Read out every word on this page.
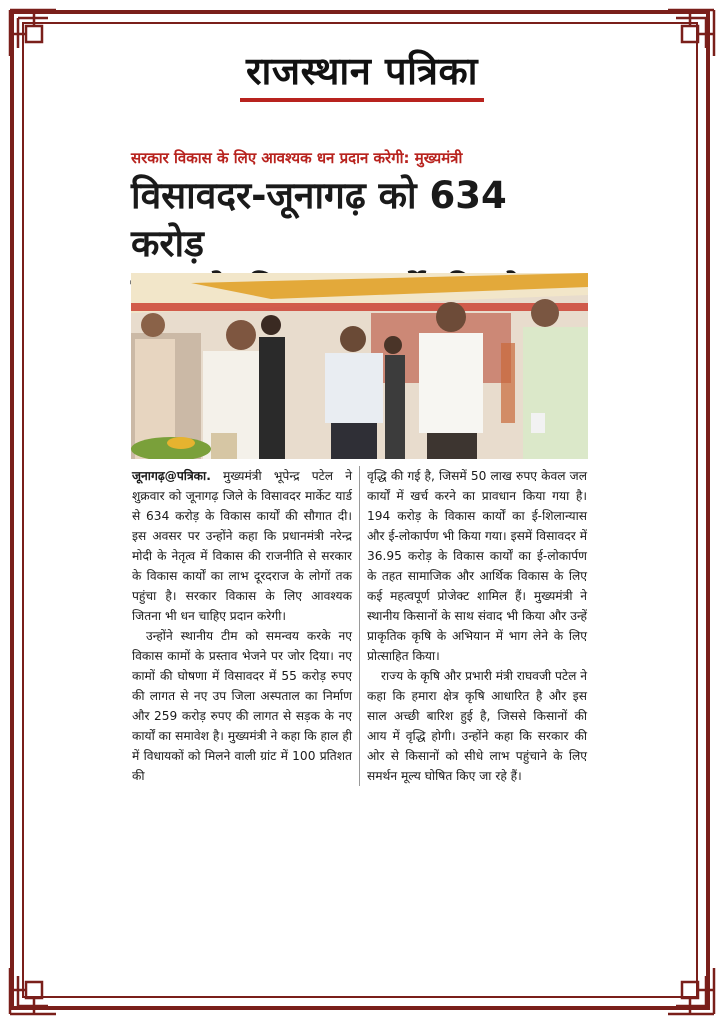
राजस्थान पत्रिका
सरकार विकास के लिए आवश्यक धन प्रदान करेगी: मुख्यमंत्री
विसावदर-जूनागढ़ को 634 करोड़

जूनागढ़@पत्रिका. मुख्यमंत्री भूपेन्द्र पटेल ने शुक्रवार को जूनागढ़ जिले के विसावदर मार्केट यार्ड से 634 करोड़ के विकास कार्यों की सौगात दी। इस अवसर पर उन्होंने कहा कि प्रधानमंत्री नरेन्द्र मोदी के नेतृत्व में विकास की राजनीति से सरकार के विकास कार्यों का लाभ दूरदराज के लोगों तक पहुंचा है। सरकार विकास के लिए आवश्यक जितना भी धन चाहिए प्रदान करेगी।

उन्होंने स्थानीय टीम को समन्वय करके नए विकास कामों के प्रस्ताव भेजने पर जोर दिया। नए कामों की घोषणा में विसावदर में 55 करोड़ रुपए की लागत से नए उप जिला अस्पताल का निर्माण और 259 करोड़ रुपए की लागत से सड़क के नए कार्यों का समावेश है। मुख्यमंत्री ने कहा कि हाल ही में विधायकों को मिलने वाली ग्रांट में 100 प्रतिशत की

वृद्धि की गई है, जिसमें 50 लाख रुपए केवल जल कार्यों में खर्च करने का प्रावधान किया गया है।194 करोड़ के विकास कार्यों का ई-शिलान्यास और ई-लोकार्पण भी किया गया। इसमें विसावदर में 36.95 करोड़ के विकास कार्यों का ई-लोकार्पण के तहत सामाजिक और आर्थिक विकास के लिए कई महत्वपूर्ण प्रोजेक्ट शामिल हैं। मुख्यमंत्री ने स्थानीय किसानों के साथ संवाद भी किया और उन्हें प्राकृतिक कृषि के अभियान में भाग लेने के लिए प्रोत्साहित किया।

राज्य के कृषि और प्रभारी मंत्री राघवजी पटेल ने कहा कि हमारा क्षेत्र कृषि आधारित है और इस साल अच्छी बारिश हुई है, जिससे किसानों की आय में वृद्धि होगी। उन्होंने कहा कि सरकार की ओर से किसानों को सीधे लाभ पहुंचाने के लिए समर्थन मूल्य घोषित किए जा रहे हैं।
